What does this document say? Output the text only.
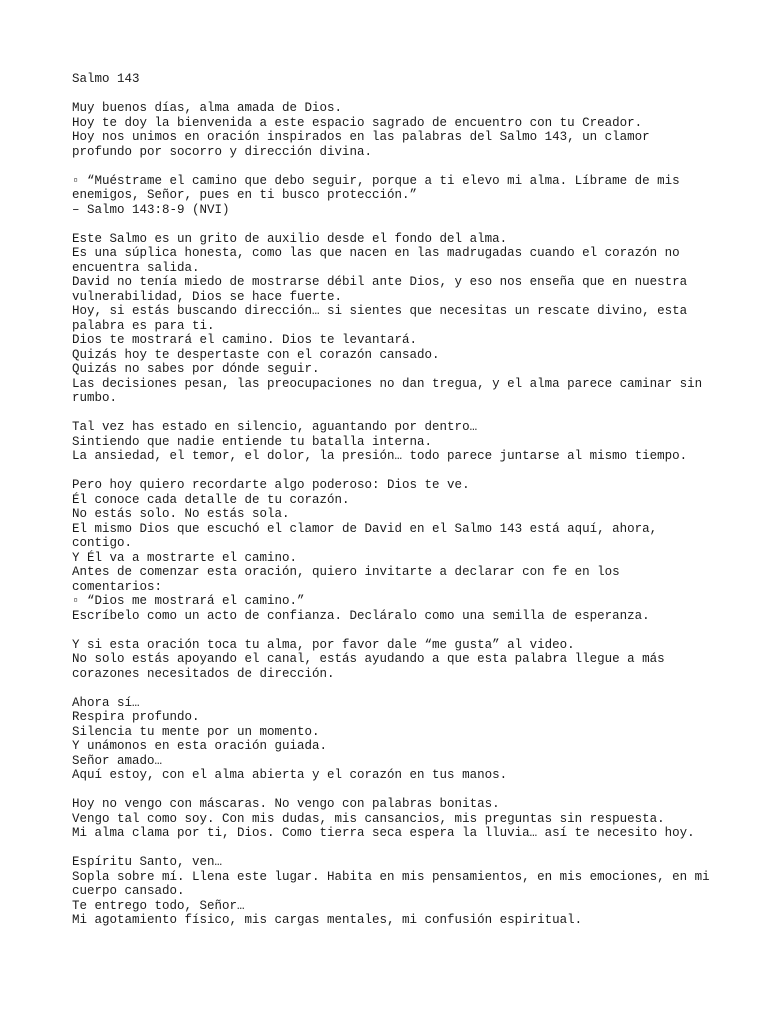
Salmo 143

Muy buenos días, alma amada de Dios.
Hoy te doy la bienvenida a este espacio sagrado de encuentro con tu Creador.
Hoy nos unimos en oración inspirados en las palabras del Salmo 143, un clamor profundo por socorro y dirección divina.

▫ “Muéstrame el camino que debo seguir, porque a ti elevo mi alma. Líbrame de mis enemigos, Señor, pues en ti busco protección.”
– Salmo 143:8-9 (NVI)

Este Salmo es un grito de auxilio desde el fondo del alma.
Es una súplica honesta, como las que nacen en las madrugadas cuando el corazón no encuentra salida.
David no tenía miedo de mostrarse débil ante Dios, y eso nos enseña que en nuestra vulnerabilidad, Dios se hace fuerte.
Hoy, si estás buscando dirección… si sientes que necesitas un rescate divino, esta palabra es para ti.
Dios te mostrará el camino. Dios te levantará.
Quizás hoy te despertaste con el corazón cansado.
Quizás no sabes por dónde seguir.
Las decisiones pesan, las preocupaciones no dan tregua, y el alma parece caminar sin rumbo.

Tal vez has estado en silencio, aguantando por dentro…
Sintiendo que nadie entiende tu batalla interna.
La ansiedad, el temor, el dolor, la presión… todo parece juntarse al mismo tiempo.

Pero hoy quiero recordarte algo poderoso: Dios te ve.
Él conoce cada detalle de tu corazón.
No estás solo. No estás sola.
El mismo Dios que escuchó el clamor de David en el Salmo 143 está aquí, ahora, contigo.
Y Él va a mostrarte el camino.
Antes de comenzar esta oración, quiero invitarte a declarar con fe en los comentarios:
▫ “Dios me mostrará el camino.”
Escríbelo como un acto de confianza. Decláralo como una semilla de esperanza.

Y si esta oración toca tu alma, por favor dale “me gusta” al video.
No solo estás apoyando el canal, estás ayudando a que esta palabra llegue a más corazones necesitados de dirección.

Ahora sí…
Respira profundo.
Silencia tu mente por un momento.
Y unámonos en esta oración guiada.
Señor amado…
Aquí estoy, con el alma abierta y el corazón en tus manos.

Hoy no vengo con máscaras. No vengo con palabras bonitas.
Vengo tal como soy. Con mis dudas, mis cansancios, mis preguntas sin respuesta.
Mi alma clama por ti, Dios. Como tierra seca espera la lluvia… así te necesito hoy.

Espíritu Santo, ven…
Sopla sobre mí. Llena este lugar. Habita en mis pensamientos, en mis emociones, en mi cuerpo cansado.
Te entrego todo, Señor…
Mi agotamiento físico, mis cargas mentales, mi confusión espiritual.
